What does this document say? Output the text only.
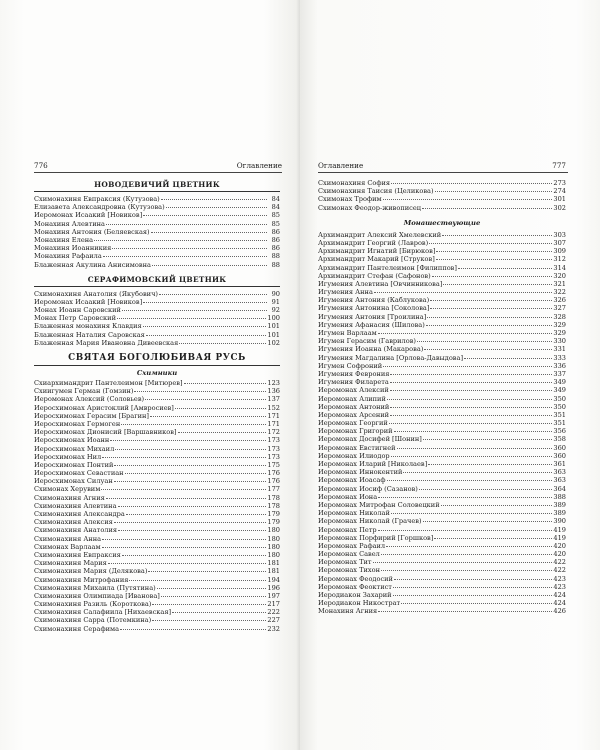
776	Оглавление
НОВОДЕВИЧИЙ ЦВЕТНИК
Схимонахиня Евпраксия (Кутузова)	84
Елизавета Александровна (Кутузова)	84
Иеромонах Исаакий [Новиков]	85
Монахиня Алевтина	85
Монахиня Антония (Беляевская)	86
Монахиня Елена	86
Монахиня Иоанникия	86
Монахиня Рафаила	88
Блаженная Акулина Анисимовна	88
СЕРАФИМОВСКИЙ ЦВЕТНИК
Схимонахиня Анатолия (Якубович)	90
Иеромонах Исаакий [Новиков]	91
Монах Иоанн Саровский	92
Монах Петр Саровский	100
Блаженная монахиня Клавдия	101
Блаженная Наталия Саровская	101
Блаженная Мария Ивановна Дивеевская	102
СВЯТАЯ БОГОЛЮБИВАЯ РУСЬ
Схимники
Схиархимандрит Пантелеимон [Митюрев]	123
Схиигумен Герман (Гомзин)	136
Иеромонах Алексий (Соловьев)	137
Иеросхимонах Аристоклий [Амвросиев]	152
Иеросхимонах Герасим [Брагин]	171
Иеросхимонах Гермоген	171
Иеросхимонах Дионисий [Варшавников]	172
Иеросхимонах Иоанн	173
Иеросхимонах Михаил	173
Иеросхимонах Нил	173
Иеросхимонах Понтий	175
Иеросхимонах Севастиан	176
Иеросхимонах Силуан	176
Схимонах Херувим	177
Схимонахиня Агния	178
Схимонахиня Алевтина	178
Схимонахиня Александра	179
Схимонахиня Алексия	179
Схимонахиня Анатолия	180
Схимонахиня Анна	180
Схимонах Варлаам	180
Схимонахиня Евпраксия	180
Схимонахиня Мария	181
Схимонахиня Мария (Делякова)	181
Схимонахиня Митрофания	194
Схимонахиня Михаила (Путятина)	196
Схимонахиня Олимпиада [Иванова]	197
Схимонахиня Разиль (Короткова)	217
Схимонахиня Салафиила [Нихаевская]	222
Схимонахиня Сарра (Потемкина)	227
Схимонахиня Серафима	232
Оглавление	777
Схимонахиня София	273
Схимонахиня Таисия (Целикова)	274
Схимонах Трофим	301
Схимонах Феодор-живописец	302
Монашествующие
Архимандрит Алексий Хмелевский	303
Архимандрит Георгий (Лавров)	307
Архимандрит Игнатий [Бирюков]	309
Архимандрит Макарий [Струков]	312
Архимандрит Пантелеимон [Филиппов]	314
Архимандрит Стефан (Сафонов)	320
Игумения Алевтина [Овчинникова]	321
Игумения Анна	322
Игумения Антония (Каблукова)	326
Игумения Антонина [Соколова]	327
Игумения Антония [Троилина]	328
Игумения Афанасия (Шилова)	329
Игумен Варлаам	329
Игумен Герасим (Гаврилов)	330
Игумения Иоанна (Макарова)	331
Игумения Магдалина [Орлова-Давыдова]	333
Игумен Софроний	336
Игумения Феврония	337
Игумения Филарета	349
Иеромонах Алексий	349
Иеромонах Алипий	350
Иеромонах Антоний	350
Иеромонах Арсений	351
Иеромонах Георгий	351
Иеромонах Григорий	356
Иеромонах Досифей [Шонин]	358
Иеромонах Евстигней	360
Иеромонах Илиодор	360
Иеромонах Иларий [Николаев]	361
Иеромонах Иннокентий	363
Иеромонах Иоасаф	363
Иеромонах Иосиф (Сазанов)	364
Иеромонах Иона	388
Иеромонах Митрофан Соловецкий	389
Иеромонах Николай	389
Иеромонах Николай (Грачев)	390
Иеромонах Петр	419
Иеромонах Порфирий [Горшков]	419
Иеромонах Рафаил	420
Иеромонах Савел	420
Иеромонах Тит	422
Иеромонах Тихон	422
Иеромонах Феодосий	423
Иеромонах Феоктист	423
Иеродиакон Захарий	424
Иеродиакон Никострат	424
Монахиня Агния	426
